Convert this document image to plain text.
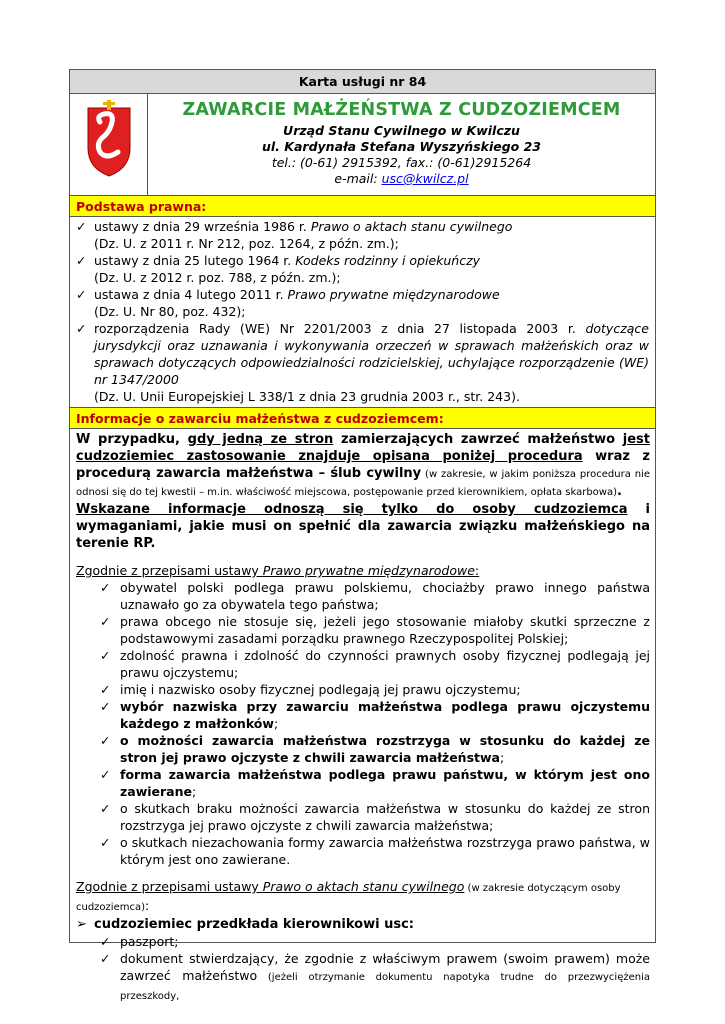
Karta usługi nr 84
ZAWARCIE MAŁŻEŃSTWA Z CUDZOZIEMCEM
Urząd Stanu Cywilnego w Kwilczu
ul. Kardynała Stefana Wyszyńskiego 23
tel.: (0-61) 2915392, fax.: (0-61)2915264
e-mail: usc@kwilcz.pl
Podstawa prawna:
✓ ustawy z dnia 29 września 1986 r. Prawo o aktach stanu cywilnego
(Dz. U. z 2011 r. Nr 212, poz. 1264, z późn. zm.);
✓ ustawy z dnia 25 lutego 1964 r. Kodeks rodzinny i opiekuńczy
(Dz. U. z 2012 r. poz. 788, z późn. zm.);
✓ ustawa z dnia 4 lutego 2011 r. Prawo prywatne międzynarodowe
(Dz. U. Nr 80, poz. 432);
✓ rozporządzenia Rady (WE) Nr 2201/2003 z dnia 27 listopada 2003 r. dotyczące jurysdykcji oraz uznawania i wykonywania orzeczeń w sprawach małżeńskich oraz w sprawach dotyczących odpowiedzialności rodzicielskiej, uchylające rozporządzenie (WE) nr 1347/2000
(Dz. U. Unii Europejskiej L 338/1 z dnia 23 grudnia 2003 r., str. 243).
Informacje o zawarciu małżeństwa z cudzoziemcem:
W przypadku, gdy jedną ze stron zamierzających zawrzeć małżeństwo jest cudzoziemiec zastosowanie znajduje opisana poniżej procedura wraz z procedurą zawarcia małżeństwa – ślub cywilny (w zakresie, w jakim poniższa procedura nie odnosi się do tej kwestii – m.in. właściwość miejscowa, postępowanie przed kierownikiem, opłata skarbowa).
Wskazane informacje odnoszą się tylko do osoby cudzoziemca i wymaganiami, jakie musi on spełnić dla zawarcia związku małżeńskiego na terenie RP.
Zgodnie z przepisami ustawy Prawo prywatne międzynarodowe:
✓ obywatel polski podlega prawu polskiemu, chociażby prawo innego państwa uznawało go za obywatela tego państwa;
✓ prawa obcego nie stosuje się, jeżeli jego stosowanie miałoby skutki sprzeczne z podstawowymi zasadami porządku prawnego Rzeczypospolitej Polskiej;
✓ zdolność prawna i zdolność do czynności prawnych osoby fizycznej podlegają jej prawu ojczystemu;
✓ imię i nazwisko osoby fizycznej podlegają jej prawu ojczystemu;
✓ wybór nazwiska przy zawarciu małżeństwa podlega prawu ojczystemu każdego z małżonków;
✓ o możności zawarcia małżeństwa rozstrzyga w stosunku do każdej ze stron jej prawo ojczyste z chwili zawarcia małżeństwa;
✓ forma zawarcia małżeństwa podlega prawu państwu, w którym jest ono zawierane;
✓ o skutkach braku możności zawarcia małżeństwa w stosunku do każdej ze stron rozstrzyga jej prawo ojczyste z chwili zawarcia małżeństwa;
✓ o skutkach niezachowania formy zawarcia małżeństwa rozstrzyga prawo państwa, w którym jest ono zawierane.
Zgodnie z przepisami ustawy Prawo o aktach stanu cywilnego (w zakresie dotyczącym osoby cudzoziemca):
➢ cudzoziemiec przedkłada kierownikowi usc:
✓ paszport;
✓ dokument stwierdzający, że zgodnie z właściwym prawem (swoim prawem) może zawrzeć małżeństwo (jeżeli otrzymanie dokumentu napotyka trudne do przezwyciężenia przeszkody,
